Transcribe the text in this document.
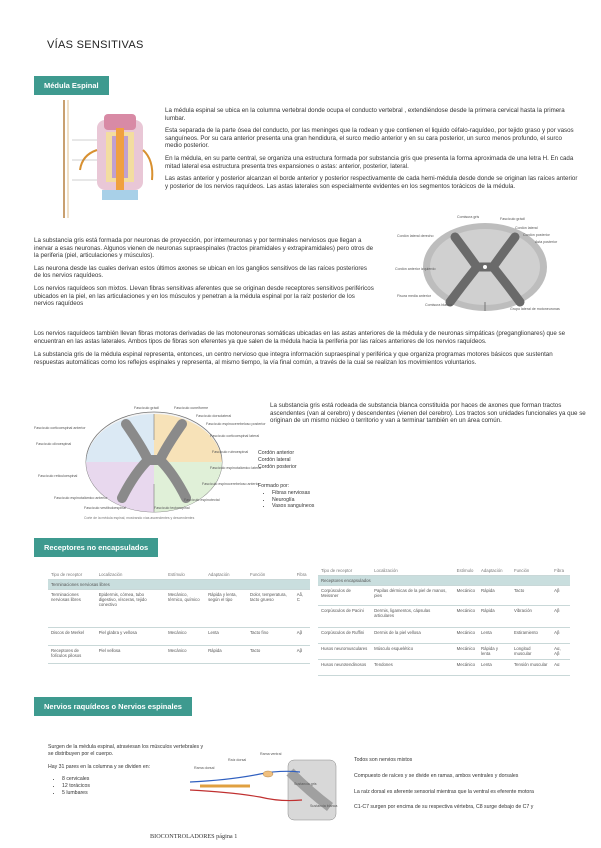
VÍAS SENSITIVAS
Médula Espinal

La médula espinal se ubica en la columna vertebral donde ocupa el conducto vertebral , extendiéndose desde la primera cervical hasta la primera lumbar.

Esta separada de la parte ósea del conducto, por las meninges que la rodean y que contienen el liquido céfalo-raquídeo, por tejido graso y por vasos sanguíneos. Por su cara anterior presenta una gran hendidura, el surco medio anterior y en su cara posterior, un surco menos profundo, el surco medio posterior.

En la médula, en su parte central, se organiza una estructura formada por substancia gris que presenta la forma aproximada de una letra H. En cada mitad lateral esa estructura presenta tres expansiones o astas: anterior, posterior, lateral.

Las astas anterior y posterior alcanzan el borde anterior y posterior respectivamente de cada hemi-médula desde donde se originan las raíces anterior y posterior de los nervios raquídeos. Las astas laterales son especialmente evidentes en los segmentos torácicos de la médula.

La substancia gris está formada por neuronas de proyección, por interneuronas y por terminales nerviosos que llegan a inervar a esas neuronas. Algunos vienen de neuronas supraespinales (tractos piramidales y extrapiramidales) pero otros de la periferia (piel, articulaciones y músculos).

Las neurona desde las cuales derivan estos últimos axones se ubican en los ganglios sensitivos de las raíces posteriores de los nervios raquídeos.

Los nervios raquídeos son mixtos. Llevan fibras sensitivas aferentes que se originan desde receptores sensitivos periféricos ubicados en la piel, en las articulaciones y en los músculos y penetran a la médula espinal por la raíz posterior de los nervios raquídeos

Comisura gris	Fascículo grácil
Cordón lateral
Cordón posterior
Asta posterior
Cordón lateral derecho
Cordón anterior izquierdo
Fisura media anterior
Comisura blanca
Grupo lateral de motoneuronas

Los nervios raquídeos también llevan fibras motoras derivadas de las motoneuronas somáticas ubicadas en las astas anteriores de la médula y de neuronas simpáticas (preganglionares) que se encuentran en las astas laterales. Ambos tipos de fibras son eferentes ya que salen de la médula hacia la periferia por las raíces anteriores de los nervios raquídeos.

La substancia gris de la médula espinal representa, entonces, un centro nervioso que integra información supraespinal y periférica y que organiza programas motores básicos que sustentan respuestas automáticas como los reflejos espinales y representa, al mismo tiempo, la vía final común, a través de la cual se realizan los movimientos voluntarios.

Fascículo grácil	Fascículo cuneiforme
Fascículo dorsolateral
Fascículo espinocerebeloso posterior
Fascículo corticoespinal lateral
Fascículo rubroespinal
Fascículo espinotalámico lateral
Fascículo espinocerebeloso anterior
Fascículo espinotectal
Fascículo tectoespinal
Fascículo vestibuloespinal
Fascículo corticoespinal anterior
Fascículo olivoespinal
Fascículo reticuloespinal
Fascículo espinotalámico anterior
Corte de la médula espinal, mostrando vías ascendentes y descendentes

La substancia gris está rodeada de substancia blanca constituida por haces de axones que forman tractos ascendentes (van al cerebro) y descendentes (vienen del cerebro). Los tractos son unidades funcionales ya que se originan de un mismo núcleo o territorio y van a terminar también en un área común.

Cordón anterior
Cordón lateral
Cordón posterior
Formado por:
• Fibras nerviosas
• Neuroglía
• Vasos sanguíneos
Receptores no encapsulados
Tipo de receptor	Localización	Estímulo	Adaptación	Función	Fibra
Terminaciones nerviosas libres					
Terminaciones nerviosas libres	Epidermis, córnea, tubo digestivo, vísceras, tejido conectivo	Mecánico, térmico, químico	Rápida y lenta, según el tipo	Dolor, temperatura, tacto grueso	Aδ, C
Discos de Merkel	Piel glabra y vellosa	Mecánico	Lenta	Tacto fino	Aβ
Receptores de folículos pilosos	Piel vellosa	Mecánico	Rápida	Tacto	Aβ
Tipo de receptor	Localización	Estímulo	Adaptación	Función	Fibra
Receptores encapsulados					
Corpúsculos de Meissner	Papilas dérmicas de la piel de manos, pies	Mecánico	Rápida	Tacto	Aβ
Corpúsculos de Pacini	Dermis, ligamentos, cápsulas articulares	Mecánico	Rápida	Vibración	Aβ
Corpúsculos de Ruffini	Dermis de la piel vellosa	Mecánico	Lenta	Estiramiento	Aβ
Husos neuromusculares	Músculo esquelético	Mecánico	Rápida y lenta	Longitud muscular	Aα, Aβ
Husos neurotendinosos	Tendones	Mecánico	Lenta	Tensión muscular	Aα
Nervios raquídeos o Nervios espinales
Surgen de la médula espinal, atraviesan los músculos vertebrales y se distribuyen por el cuerpo.
Hay 31 pares en la columna y se dividen en:
• 8 cervicales
• 12 torácicos
• 5 lumbares
Rama dorsal
Raíz dorsal
Rama ventral
Sustancia gris
Sustancia blanca
Todos son nervios mixtos
Compuesto de raíces y se divide en ramas, ambos ventrales y dorsales
La raíz dorsal es aferente sensorial mientras que la ventral es eferente motora
C1-C7 surgen por encima de su respectiva vértebra, C8 surge debajo de C7 y
BIOCONTROLADORES página 1
